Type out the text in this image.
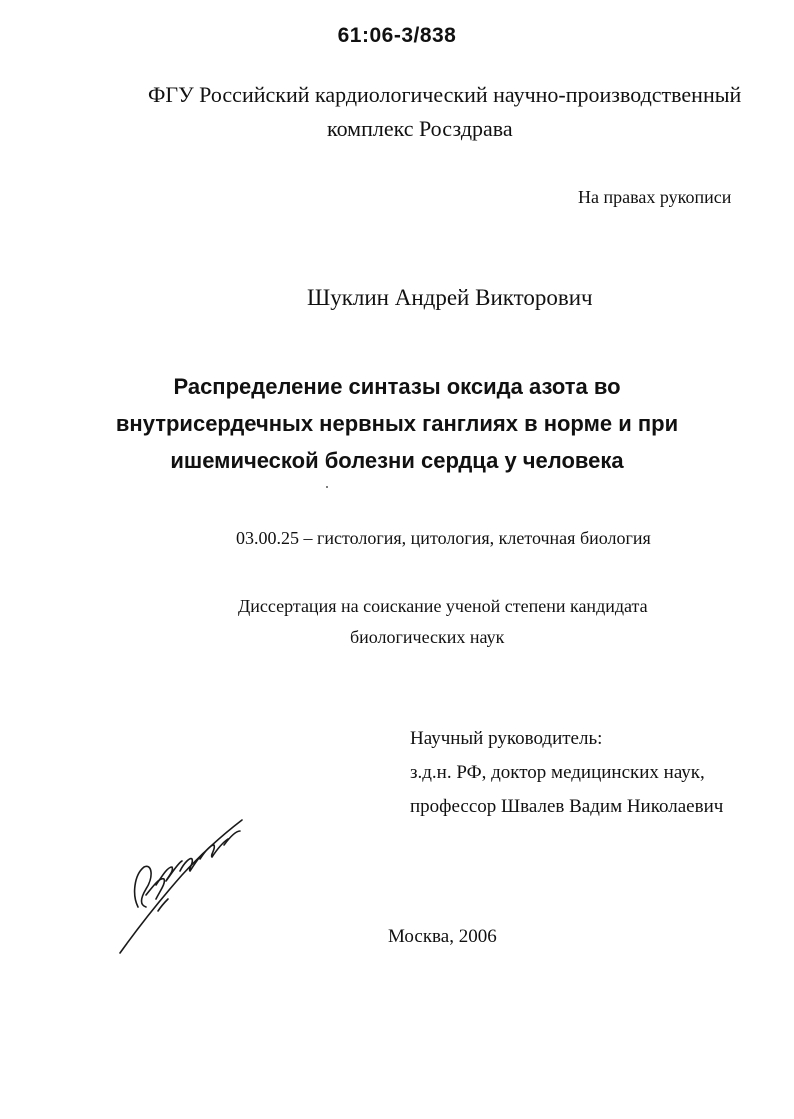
61:06-3/838
ФГУ Российский кардиологический научно-производственный
комплекс Росздрава
На правах рукописи
Шуклин Андрей Викторович
Распределение синтазы оксида азота во
внутрисердечных нервных ганглиях в норме и при
ишемической болезни сердца у человека
03.00.25 – гистология, цитология, клеточная биология
Диссертация на соискание ученой степени кандидата
биологических наук
Научный руководитель:
з.д.н. РФ, доктор медицинских наук,
профессор Швалев Вадим Николаевич
Москва, 2006
